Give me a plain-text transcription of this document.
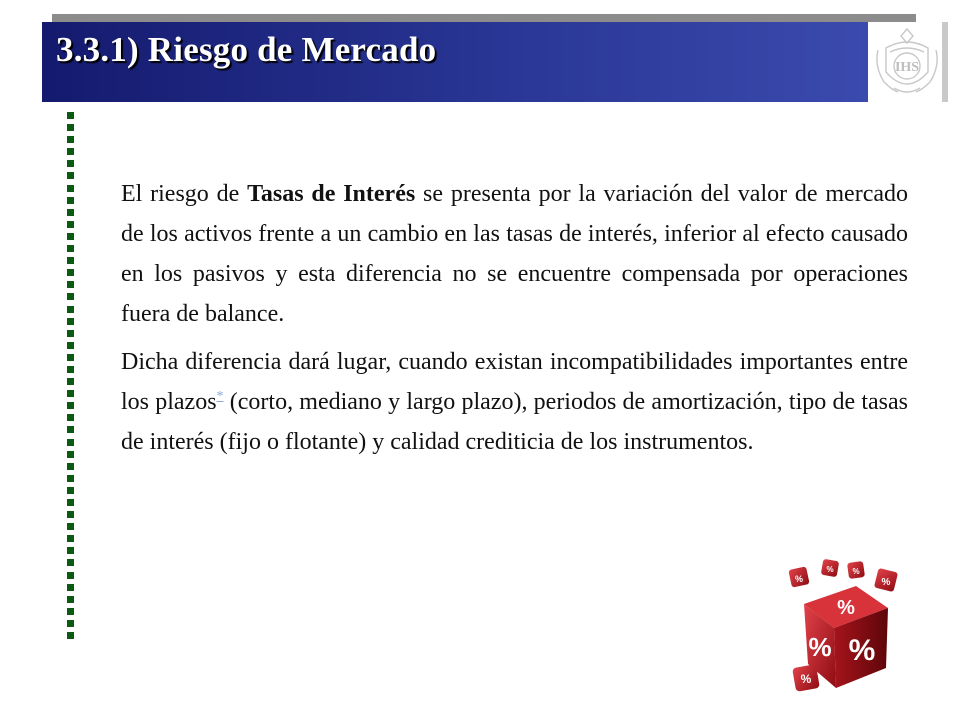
3.3.1) Riesgo de Mercado	IHS

El riesgo de Tasas de Interés se presenta por la variación del valor de mercado de los activos frente a un cambio en las tasas de interés, inferior al efecto causado en los pasivos y esta diferencia no se encuentre compensada por operaciones fuera de balance.

Dicha diferencia dará lugar, cuando existan incompatibilidades importantes entre los plazos* (corto, mediano y largo plazo), periodos de amortización, tipo de tasas de interés (fijo o flotante) y calidad crediticia de los instrumentos.

%
% %
%
% %
%
%
